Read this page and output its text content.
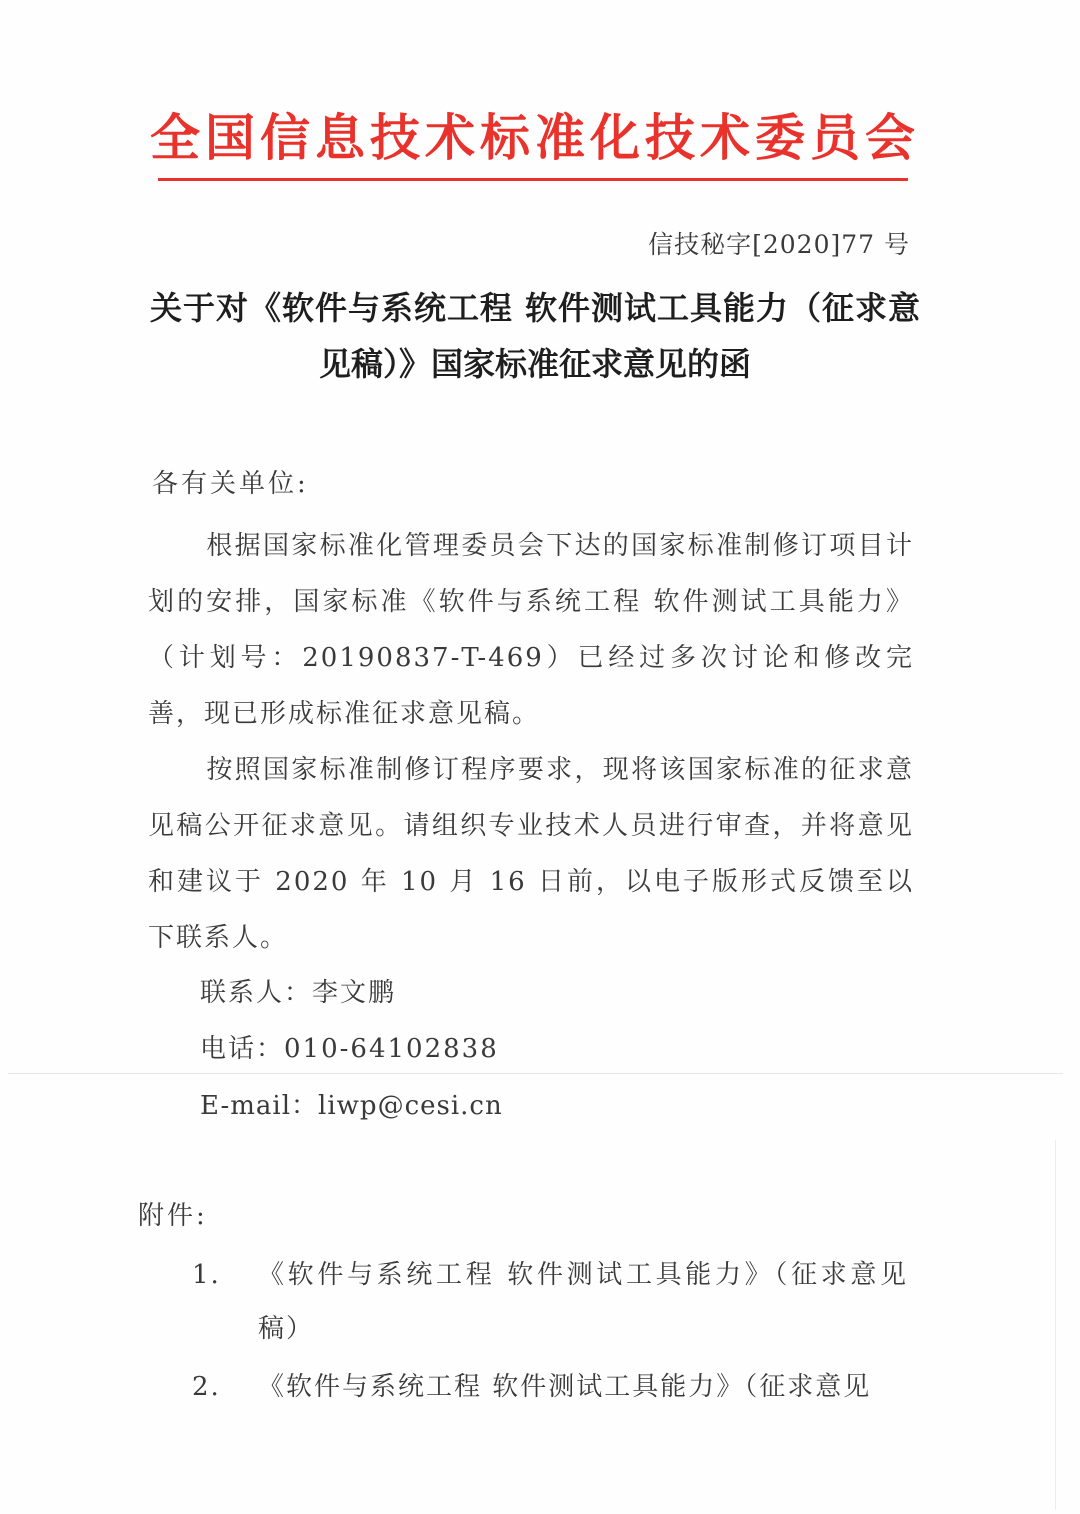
全国信息技术标准化技术委员会
信技秘字[2020]77 号
关于对《软件与系统工程 软件测试工具能力（征求意
见稿）》国家标准征求意见的函
各有关单位:
根据国家标准化管理委员会下达的国家标准制修订项目计划的安排，国家标准《软件与系统工程 软件测试工具能力》（计划号：20190837-T-469）已经过多次讨论和修改完善，现已形成标准征求意见稿。
按照国家标准制修订程序要求，现将该国家标准的征求意见稿公开征求意见。请组织专业技术人员进行审查，并将意见和建议于 2020 年 10 月 16 日前，以电子版形式反馈至以下联系人。
联系人：李文鹏
电话：010-64102838
E-mail：liwp@cesi.cn
附件:
1.	《软件与系统工程 软件测试工具能力》（征求意见稿）
2.	《软件与系统工程 软件测试工具能力》（征求意见
